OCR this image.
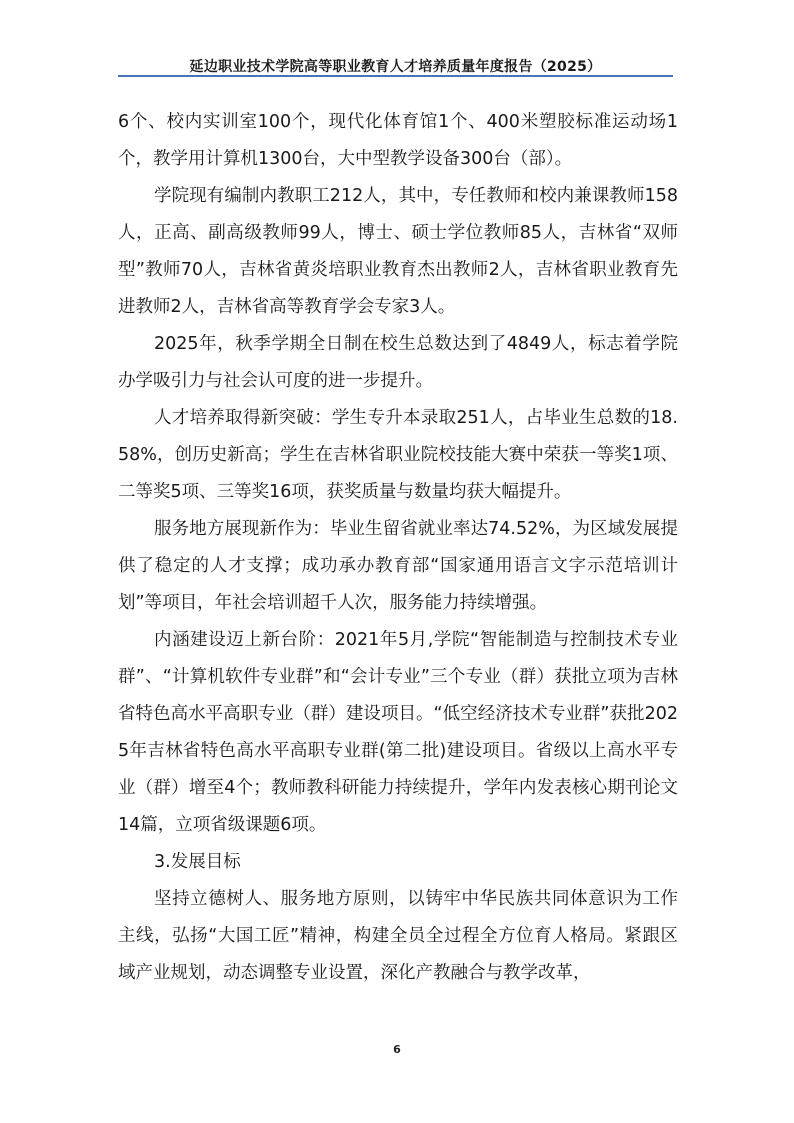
延边职业技术学院高等职业教育人才培养质量年度报告（2025）

6个、校内实训室100个，现代化体育馆1个、400米塑胶标准运动场1个，教学用计算机1300台，大中型教学设备300台（部）。

学院现有编制内教职工212人，其中，专任教师和校内兼课教师158人，正高、副高级教师99人，博士、硕士学位教师85人，吉林省“双师型”教师70人，吉林省黄炎培职业教育杰出教师2人，吉林省职业教育先进教师2人，吉林省高等教育学会专家3人。

2025年，秋季学期全日制在校生总数达到了4849人，标志着学院办学吸引力与社会认可度的进一步提升。

人才培养取得新突破：学生专升本录取251人，占毕业生总数的18.58%，创历史新高；学生在吉林省职业院校技能大赛中荣获一等奖1项、二等奖5项、三等奖16项，获奖质量与数量均获大幅提升。

服务地方展现新作为：毕业生留省就业率达74.52%，为区域发展提供了稳定的人才支撑；成功承办教育部“国家通用语言文字示范培训计划”等项目，年社会培训超千人次，服务能力持续增强。

内涵建设迈上新台阶：2021年5月,学院“智能制造与控制技术专业群”、“计算机软件专业群”和“会计专业”三个专业（群）获批立项为吉林省特色高水平高职专业（群）建设项目。“低空经济技术专业群”获批2025年吉林省特色高水平高职专业群(第二批)建设项目。省级以上高水平专业（群）增至4个；教师教科研能力持续提升，学年内发表核心期刊论文14篇，立项省级课题6项。

3.发展目标

坚持立德树人、服务地方原则，以铸牢中华民族共同体意识为工作主线，弘扬“大国工匠”精神，构建全员全过程全方位育人格局。紧跟区域产业规划，动态调整专业设置，深化产教融合与教学改革，

6
